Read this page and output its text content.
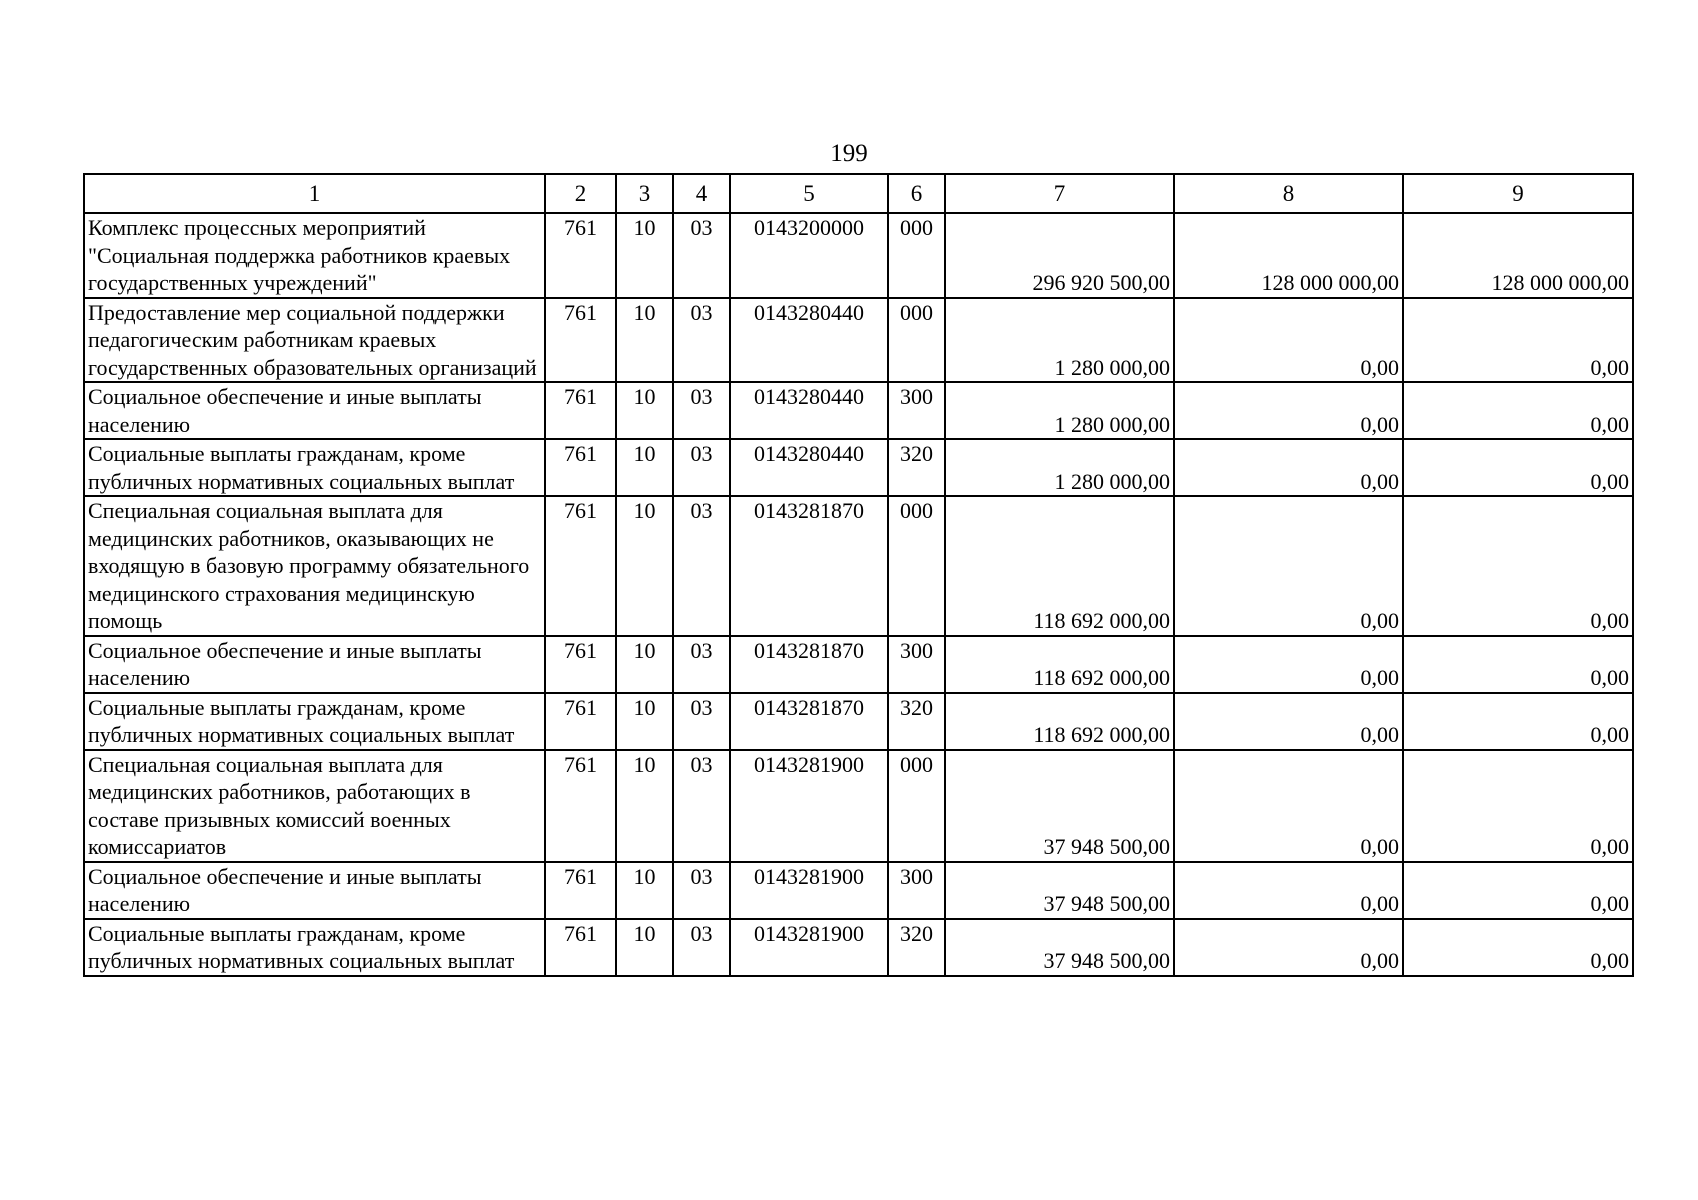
199
1	2	3	4	5	6	7	8	9
Комплекс процессных мероприятий "Социальная поддержка работников краевых государственных учреждений"	761	10	03	0143200000	000	296 920 500,00	128 000 000,00	128 000 000,00
Предоставление мер социальной поддержки педагогическим работникам краевых государственных образовательных организаций	761	10	03	0143280440	000	1 280 000,00	0,00	0,00
Социальное обеспечение и иные выплаты населению	761	10	03	0143280440	300	1 280 000,00	0,00	0,00
Социальные выплаты гражданам, кроме публичных нормативных социальных выплат	761	10	03	0143280440	320	1 280 000,00	0,00	0,00
Специальная социальная выплата для медицинских работников, оказывающих не входящую в базовую программу обязательного медицинского страхования медицинскую помощь	761	10	03	0143281870	000	118 692 000,00	0,00	0,00
Социальное обеспечение и иные выплаты населению	761	10	03	0143281870	300	118 692 000,00	0,00	0,00
Социальные выплаты гражданам, кроме публичных нормативных социальных выплат	761	10	03	0143281870	320	118 692 000,00	0,00	0,00
Специальная социальная выплата для медицинских работников, работающих в составе призывных комиссий военных комиссариатов	761	10	03	0143281900	000	37 948 500,00	0,00	0,00
Социальное обеспечение и иные выплаты населению	761	10	03	0143281900	300	37 948 500,00	0,00	0,00
Социальные выплаты гражданам, кроме публичных нормативных социальных выплат	761	10	03	0143281900	320	37 948 500,00	0,00	0,00
